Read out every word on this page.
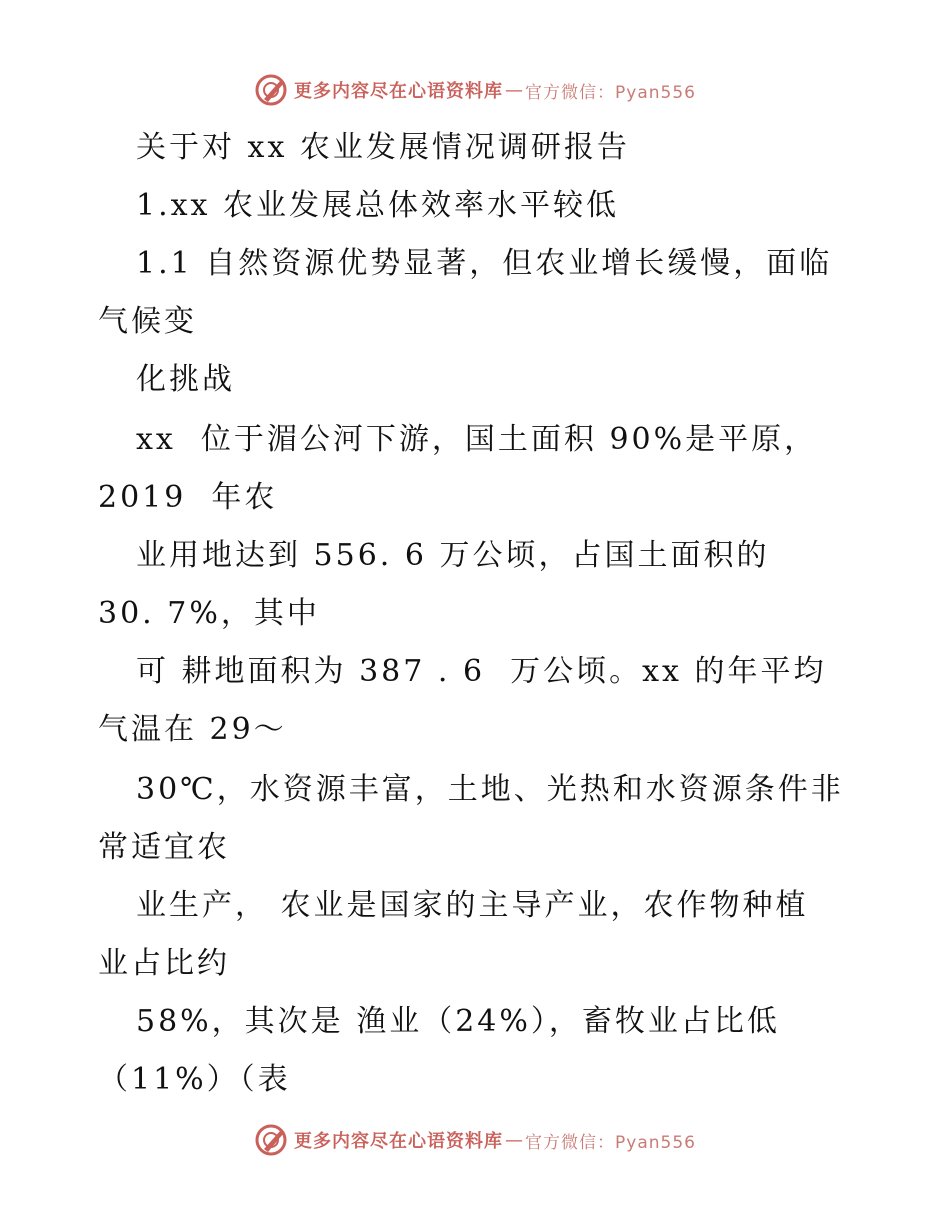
更多内容尽在心语资料库 — 官方微信：Pyan556
关于对 xx 农业发展情况调研报告
1.xx 农业发展总体效率水平较低
1.1 自然资源优势显著，但农业增长缓慢，面临
气候变
化挑战
xx  位于湄公河下游，国土面积 90%是平原，
2019  年农
业用地达到 556. 6 万公顷，占国土面积的
30. 7%，其中
可 耕地面积为 387 . 6  万公顷。xx 的年平均
气温在 29～
30℃，水资源丰富，土地、光热和水资源条件非
常适宜农
业生产， 农业是国家的主导产业，农作物种植
业占比约
58%，其次是 渔业（24%），畜牧业占比低
（11%）（表
更多内容尽在心语资料库 — 官方微信：Pyan556
